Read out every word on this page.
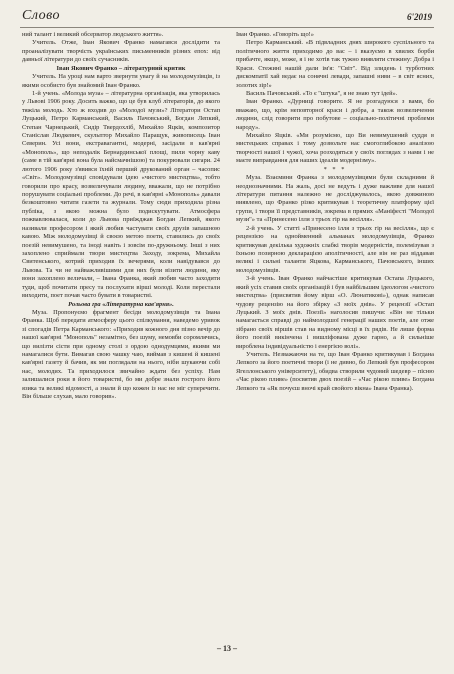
Слово	6'2019

ний талант і великий обсерватор людського життя».

Учитель. Отже, Іван Якович Франко намагався дослідити та проаналізувати творчість українських письменників різних епох: від давньої літератури до своїх сучасників.

Іван Якович Франко – літературний критик

Учитель. На уроці нам варто звернути увагу й на молодомузівців, із якими особисто був знайомий Іван Франко.

1-й учень. «Молода муза» – літературна організація, яка утворилась у Львові 1906 року. Досить важко, що це був клуб літераторів, до якого тяжіла молодь. Хто ж входив до «Молодої музи»? Літератори Остап Луцький, Петро Карманський, Василь Пачовський, Богдан Лепкий, Степан Чарнецький, Сидір Твердохліб, Михайло Яцків, композитор Станіслав Людкевич, скульптор Михайло Паращук, живописець Іван Северин. Усі вони, екстравагантні, модерні, засідали в кав'ярні «Монополь», що неподалік Бернардинської площі, пили чорну каву (саме в тій кав'ярні вона була найсмачнішою) та покурювали сигари. 24 лютого 1906 року з'явився їхній перший друкований орган – часопис «Світ». Молодомузівці сповідували ідею «чистого мистецтва», тобто говорили про красу, возвеличували людину, вважали, що не потрібно порушувати соціальні проблеми. До речі, в кав'ярні «Монополь» давали безкоштовно читати газети та журнали. Тому сюди приходила різна публіка, з якою можна було подискутувати. Атмосфера пожвавлювалася, коли до Львова приїжджав Богдан Лепкий, якого називали професором і який любив частувати своїх друзів запашною кавою. Між молодомузівці й своєю метою поети, ставились до своїх поезій невимушено, та іноді навіть і зовсім по-дружньому. Інші з них захоплено сприймали твори мистецтва Заходу, зокрема, Михайла Свитенського, котрий приходив їх вечерями, коли навідувався до Львова. Та чи не найважливішими для них були візити людини, яку вони захоплено величали, – Івана Франка, який любив часто заходити туди, щоб почитати пресу та послухати вірші молоді. Коли перестали виходити, поет почав часто бувати в товаристві.

Рольова гра «Літературна кав'ярня».

Муза. Пропонуємо фрагмент бесіди молодомузівців та Івана Франка. Щоб передати атмосферу цього спілкування, наведемо уривок зі спогадів Петра Карманського: «Приходив кожного дня пізно вечір до нашої кав'ярні "Монополь" незамітно, без шуму, немовби соромлячись, що вилізти сісти при одному столі з ордою однодумцями, якими ми намагалися бути. Вимагав свою чашку чаю, виймав з кишені й кишені кав'ярні газету й бачив, як ми поглядали на нього, ніби шукаючи собі нас, молодих. Та приходилося звичайно ждати без успіху. Нам залишалися роки в його товаристві, бо ми добре знали гострого його язика та великі відомості, а знали й що кожен із нас не міг суперечити. Він більше слухав, мало говорив».

Іван Франко. «Говоріть що!»

Петро Карманський. «В підвладних днях широкого суспільного та політичного життя приходимо до вас – і вказуємо в хвилях борби прибачте, якщо, може, я і не хотів так тужно виявляти стежину: Добра і Краси. Стежині нашій дали ім'я: "Світ". Від злидень і турботних дискомпатії хай ведає на сонячні левади, запашні ниви – в світ ясних, золотих зір!»

Василь Пачовський. «То є "штука", я не знаю тут ідей».

Іван Франко. «Дурниці говорите. Я не розгадуюся з вами, бо вважаю, що, крім неповторної краси і добра, а також возвеличення людини, слід говорити про побутове – соціально-політичні проблеми народу».

Михайло Яцків. «Ми розуміємо, що Ви невимушений суддя в мистецьких справах і тому дозвольте нас смогоглибокою аналізою творчості нашої і чужої, хоча розходяться у своїх поглядах з нами і не маєте виправдання для наших ідеалів модернізму».

* * *

Муза. Взаємини Франка з молодомузівцями були складними й неоднозначними. На жаль, досі не ведуть і дуже важливе для нашої літератури питання належно не досліджувалось, якою довжиною виявлено, що Франко різко критикував і теоретичну платформу цієї групи, і твори її представників, зокрема в прямих «Маніфесті "Молодої музи"» та «Принесено ілля з трьох гір на весілля».

2-й учень. У статті «Принесено ілля з трьох гір на весілля», що є рецензією на однойменний альманах молодомузівців, Франко критикував декілька художніх слабкі творів модерністів, полемізував з їхньою позирною декларацією аполітичності, але він не раз віддавав великі і сильні таланти Яцкова, Карманського, Пачовського, інших молодомузівців.

3-й учень. Іван Франко найчастіше критикував Остапа Луцького, який усіх ставив своїх організацій і був найбільшим ідеологом «чистого мистецтва» (присвятив йому вірш «О. Люнатикові»), однак написав чудову рецензію на його збірку «З моїх днів». У рецензії «Остап Луцький. З моїх днів. Поезії» наголосив пишучи: «Він не тільки намагається справді до наймолодшої генерації наших поетів, але отже зібрано своїх віршів став на видному місці в їх рядів. Не лише форма його поезій викінчена і вишліфована дуже гарно, а й сильніше вироблена індивідуальністю і енергією волі».

Учитель. Незважаючи на те, що Іван Франко критикував і Богдана Лепкого за його поетичні твори (і не дивно, бо Лепкий був професором Ягеллонського університету), обидва створили чудовий шедевр – пісню «Час рікою пливе» (посвятив двох поезій – «Час рікою пливе» Богдана Лепкого та «Як почуєш вночі край свойого вікна» Івана Франка).

– 13 –
